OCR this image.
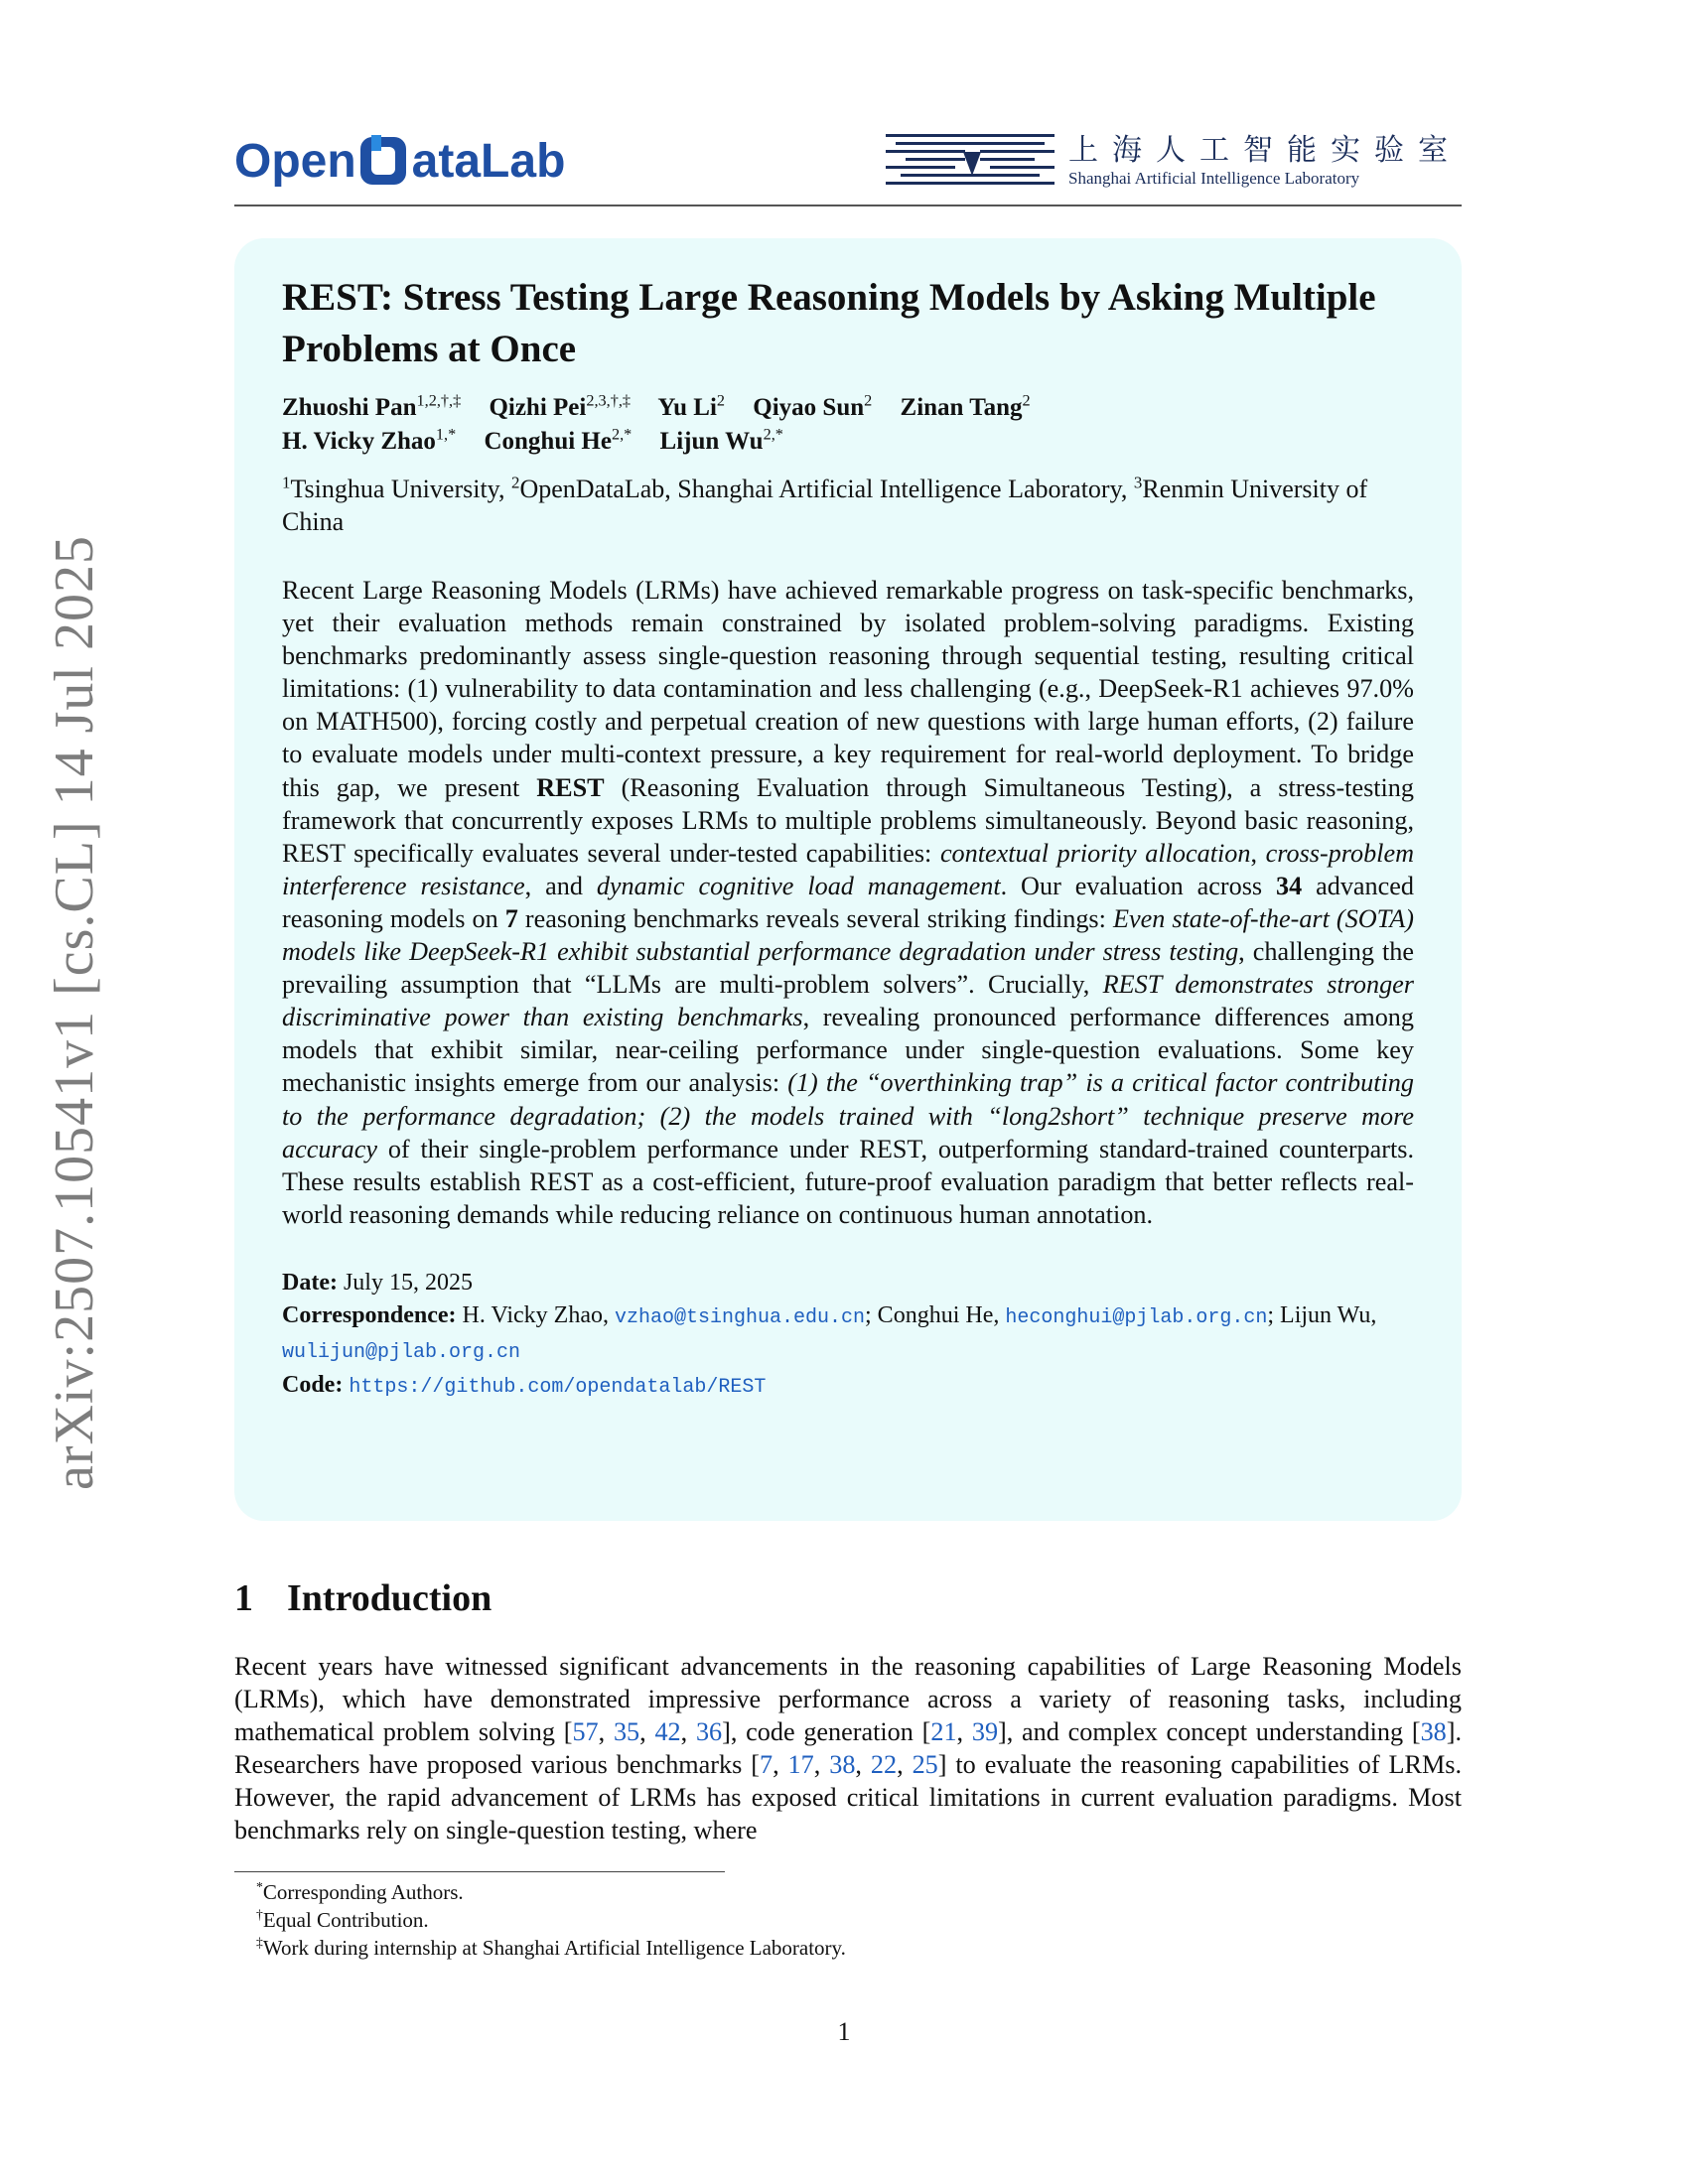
arXiv:2507.10541v1 [cs.CL] 14 Jul 2025
Open ataLab	上海人工智能实验室
Shanghai Artificial Intelligence Laboratory
REST: Stress Testing Large Reasoning Models by Asking Multiple Problems at Once
Zhuoshi Pan$^{1,2,\dagger,\ddagger}$ Qizhi Pei$^{2,3,\dagger,\ddagger}$ Yu Li$^2$ Qiyao Sun$^2$ Zinan Tang$^2$
H. Vicky Zhao$^{1,*}$ Conghui $He^{2,*}$ Lijun $Wu^{2,*}$
$^1$Tsinghua University, $^2$OpenDataLab, Shanghai Artificial Intelligence Laboratory, $^3$Renmin University of China

Recent Large Reasoning Models (LRMs) have achieved remarkable progress on task-specific benchmarks, yet their evaluation methods remain constrained by isolated problem-solving paradigms. Existing benchmarks predominantly assess single-question reasoning through sequential testing, resulting critical limitations: (1) vulnerability to data contamination and less challenging (e.g., DeepSeek-R1 achieves 97.0% on MATH500), forcing costly and perpetual creation of new questions with large human efforts, (2) failure to evaluate models under multi-context pressure, a key requirement for real-world deployment. To bridge this gap, we present REST (Reasoning Evaluation through Simultaneous Testing), a stress-testing framework that concurrently exposes LRMs to multiple problems simultaneously. Beyond basic reasoning, REST specifically evaluates several under-tested capabilities: contextual priority allocation, cross-problem interference resistance, and dynamic cognitive load management. Our evaluation across 34 advanced reasoning models on 7 reasoning benchmarks reveals several striking findings: Even state-of-the-art (SOTA) models like DeepSeek-R1 exhibit substantial performance degradation under stress testing, challenging the prevailing assumption that “LLMs are multi-problem solvers”. Crucially, REST demonstrates stronger discriminative power than existing benchmarks, revealing pronounced performance differences among models that exhibit similar, near-ceiling performance under single-question evaluations. Some key mechanistic insights emerge from our analysis: (1) the “overthinking trap” is a critical factor contributing to the performance degradation; (2) the models trained with “long2short” technique preserve more accuracy of their single-problem performance under REST, outperforming standard-trained counterparts. These results establish REST as a cost-efficient, future-proof evaluation paradigm that better reflects real-world reasoning demands while reducing reliance on continuous human annotation.

Date: July 15, 2025
Correspondence: H. Vicky Zhao, vzhao@tsinghua.edu.cn; Conghui He, heconghui@pjlab.org.cn; Lijun Wu, wulijun@pjlab.org.cn
Code: https://github.com/opendatalab/REST
1 Introduction

Recent years have witnessed significant advancements in the reasoning capabilities of Large Reasoning Models (LRMs), which have demonstrated impressive performance across a variety of reasoning tasks, including mathematical problem solving [57, 35, 42, 36], code generation [21, 39], and complex concept understanding [38]. Researchers have proposed various benchmarks [7, 17, 38, 22, 25] to evaluate the reasoning capabilities of LRMs. However, the rapid advancement of LRMs has exposed critical limitations in current evaluation paradigms. Most benchmarks rely on single-question testing, where

*Corresponding Authors.
†Equal Contribution.
‡Work during internship at Shanghai Artificial Intelligence Laboratory.
1
